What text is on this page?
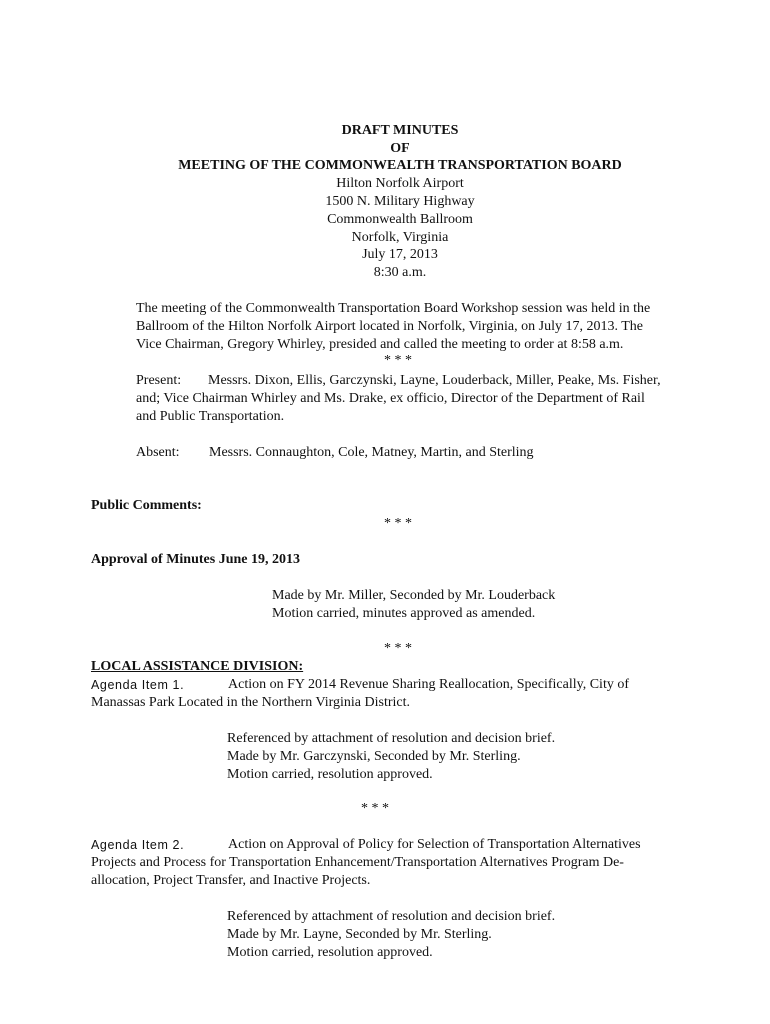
DRAFT MINUTES
OF
MEETING OF THE COMMONWEALTH TRANSPORTATION BOARD
Hilton Norfolk Airport
1500 N. Military Highway
Commonwealth Ballroom
Norfolk, Virginia
July 17, 2013
8:30 a.m.
The meeting of the Commonwealth Transportation Board Workshop session was held in the
Ballroom of the Hilton Norfolk Airport located in Norfolk, Virginia, on July 17, 2013. The
Vice Chairman, Gregory Whirley, presided and called the meeting to order at 8:58 a.m.
* * *
Present: Messrs. Dixon, Ellis, Garczynski, Layne, Louderback, Miller, Peake, Ms. Fisher,
and; Vice Chairman Whirley and Ms. Drake, ex officio, Director of the Department of Rail
and Public Transportation.
Absent: Messrs. Connaughton, Cole, Matney, Martin, and Sterling
Public Comments:
* * *
Approval of Minutes June 19, 2013
Made by Mr. Miller, Seconded by Mr. Louderback
Motion carried, minutes approved as amended.
* * *
LOCAL ASSISTANCE DIVISION:
Agenda Item 1.	Action on FY 2014 Revenue Sharing Reallocation, Specifically, City of
Manassas Park Located in the Northern Virginia District.
Referenced by attachment of resolution and decision brief.
Made by Mr. Garczynski, Seconded by Mr. Sterling.
Motion carried, resolution approved.
* * *
Agenda Item 2.	Action on Approval of Policy for Selection of Transportation Alternatives
Projects and Process for Transportation Enhancement/Transportation Alternatives Program De-
allocation, Project Transfer, and Inactive Projects.
Referenced by attachment of resolution and decision brief.
Made by Mr. Layne, Seconded by Mr. Sterling.
Motion carried, resolution approved.
